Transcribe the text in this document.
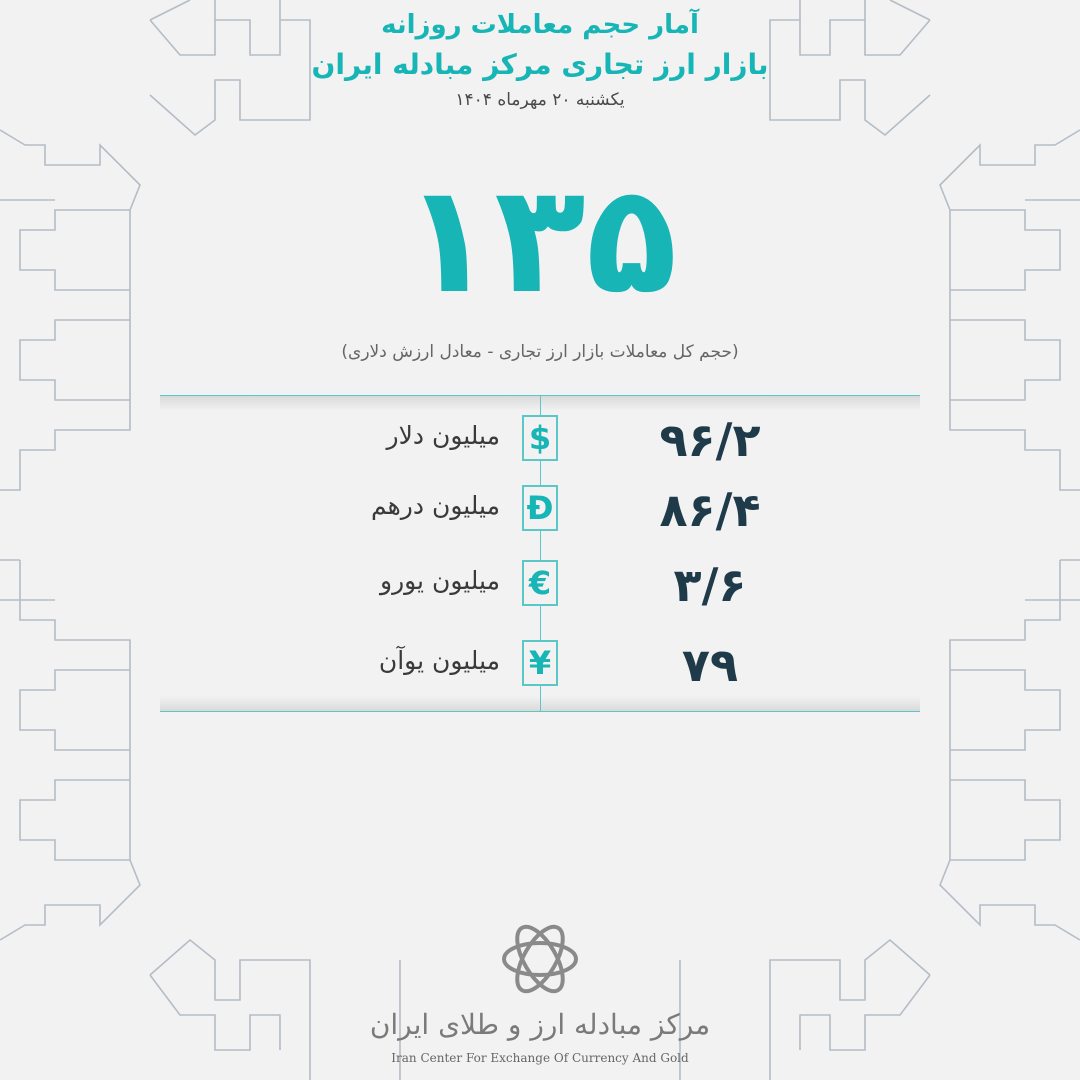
آمار حجم معاملات روزانه
بازار ارز تجاری مرکز مبادله ایران
یکشنبه ۲۰ مهرماه ۱۴۰۴
۱۳۵
(حجم کل معاملات بازار ارز تجاری - معادل ارزش دلاری)
میلیون دلار $	۹۶/۲
میلیون درهم Đ	۸۶/۴
میلیون یورو €	۳/۶
میلیون یوآن ¥	۷۹
مرکز مبادله ارز و طلای ایران
Iran Center For Exchange Of Currency And Gold
